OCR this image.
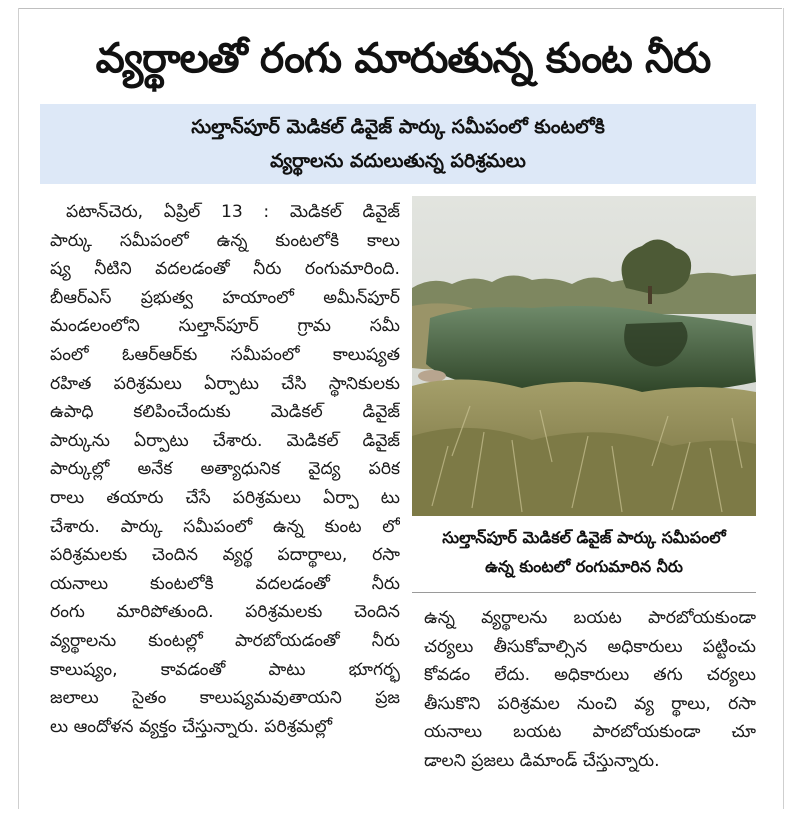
వ్యర్థాలతో రంగు మారుతున్న కుంట నీరు
సుల్తాన్‌పూర్ మెడికల్ డివైజ్ పార్కు సమీపంలో కుంటలోకి
వ్యర్థాలను వదులుతున్న పరిశ్రమలు
పటాన్‌చెరు, ఏప్రిల్ 13 : మెడికల్ డివైజ్
పార్కు సమీపంలో ఉన్న కుంటలోకి కాలు
ష్య నీటిని వదలడంతో నీరు రంగుమారింది.
బీఆర్‌ఎస్ ప్రభుత్వ హయాంలో అమీన్‌పూర్
మండలంలోని సుల్తాన్‌పూర్ గ్రామ సమీ
పంలో ఓఆర్‌ఆర్‌కు సమీపంలో కాలుష్యత
రహిత పరిశ్రమలు ఏర్పాటు చేసి స్థానికులకు
ఉపాధి కలిపించేందుకు మెడికల్ డివైజ్
పార్కును ఏర్పాటు చేశారు. మెడికల్ డివైజ్
పార్కుల్లో అనేక అత్యాధునిక వైద్య పరిక
రాలు తయారు చేసే పరిశ్రమలు ఏర్పా టు
చేశారు. పార్కు సమీపంలో ఉన్న కుంట లో
పరిశ్రమలకు చెందిన వ్యర్థ పదార్థాలు, రసా
యనాలు కుంటలోకి వదలడంతో నీరు
రంగు మారిపోతుంది. పరిశ్రమలకు చెందిన
వ్యర్థాలను కుంటల్లో పారబోయడంతో నీరు
కాలుష్యం, కావడంతో పాటు భూగర్భ
జలాలు సైతం కాలుష్యమవుతాయని ప్రజ
లు ఆందోళన వ్యక్తం చేస్తున్నారు. పరిశ్రమల్లో
సుల్తాన్‌పూర్ మెడికల్ డివైజ్ పార్కు సమీపంలో
ఉన్న కుంటలో రంగుమారిన నీరు
ఉన్న వ్యర్థాలను బయట పారబోయకుండా
చర్యలు తీసుకోవాల్సిన అధికారులు పట్టించు
కోవడం లేదు. అధికారులు తగు చర్యలు
తీసుకొని పరిశ్రమల నుంచి వ్య ర్థాలు, రసా
యనాలు బయట పారబోయకుండా చూ
డాలని ప్రజలు డిమాండ్ చేస్తున్నారు.
